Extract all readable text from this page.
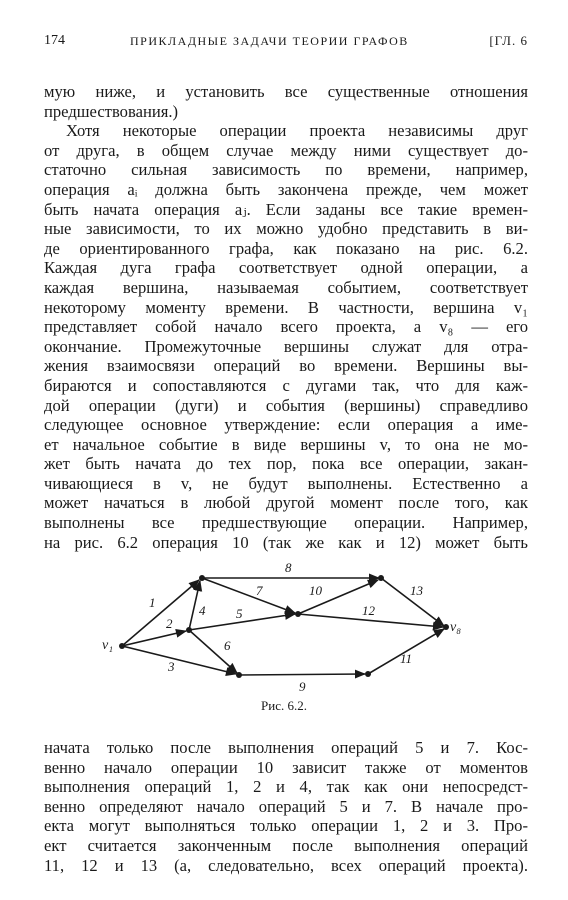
174	ПРИКЛАДНЫЕ ЗАДАЧИ ТЕОРИИ ГРАФОВ	[ГЛ. 6
мую ниже, и установить все существенные отношения
предшествования.)
Хотя некоторые операции проекта независимы друг
от друга, в общем случае между ними существует до-
статочно сильная зависимость по времени, например,
операция aᵢ должна быть закончена прежде, чем может
быть начата операция aⱼ. Если заданы все такие времен-
ные зависимости, то их можно удобно представить в ви-
де ориентированного графа, как показано на рис. 6.2.
Каждая дуга графа соответствует одной операции, а
каждая вершина, называемая событием, соответствует
некоторому моменту времени. В частности, вершина v₁
представляет собой начало всего проекта, а v₈ — его
окончание. Промежуточные вершины служат для отра-
жения взаимосвязи операций во времени. Вершины вы-
бираются и сопоставляются с дугами так, что для каж-
дой операции (дуги) и события (вершины) справедливо
следующее основное утверждение: если операция a име-
ет начальное событие в виде вершины v, то она не мо-
жет быть начата до тех пор, пока все операции, закан-
чивающиеся в v, не будут выполнены. Естественно a
может начаться в любой другой момент после того, как
выполнены все предшествующие операции. Например,
на рис. 6.2 операция 10 (так же как и 12) может быть
v₁
v₈
1
2
3
4 5
6
7
8
9
10
11
12
13
Рис. 6.2.
начата только после выполнения операций 5 и 7. Кос-
венно начало операции 10 зависит также от моментов
выполнения операций 1, 2 и 4, так как они непосредст-
венно определяют начало операций 5 и 7. В начале про-
екта могут выполняться только операции 1, 2 и 3. Про-
ект считается законченным после выполнения операций
11, 12 и 13 (а, следовательно, всех операций проекта).
